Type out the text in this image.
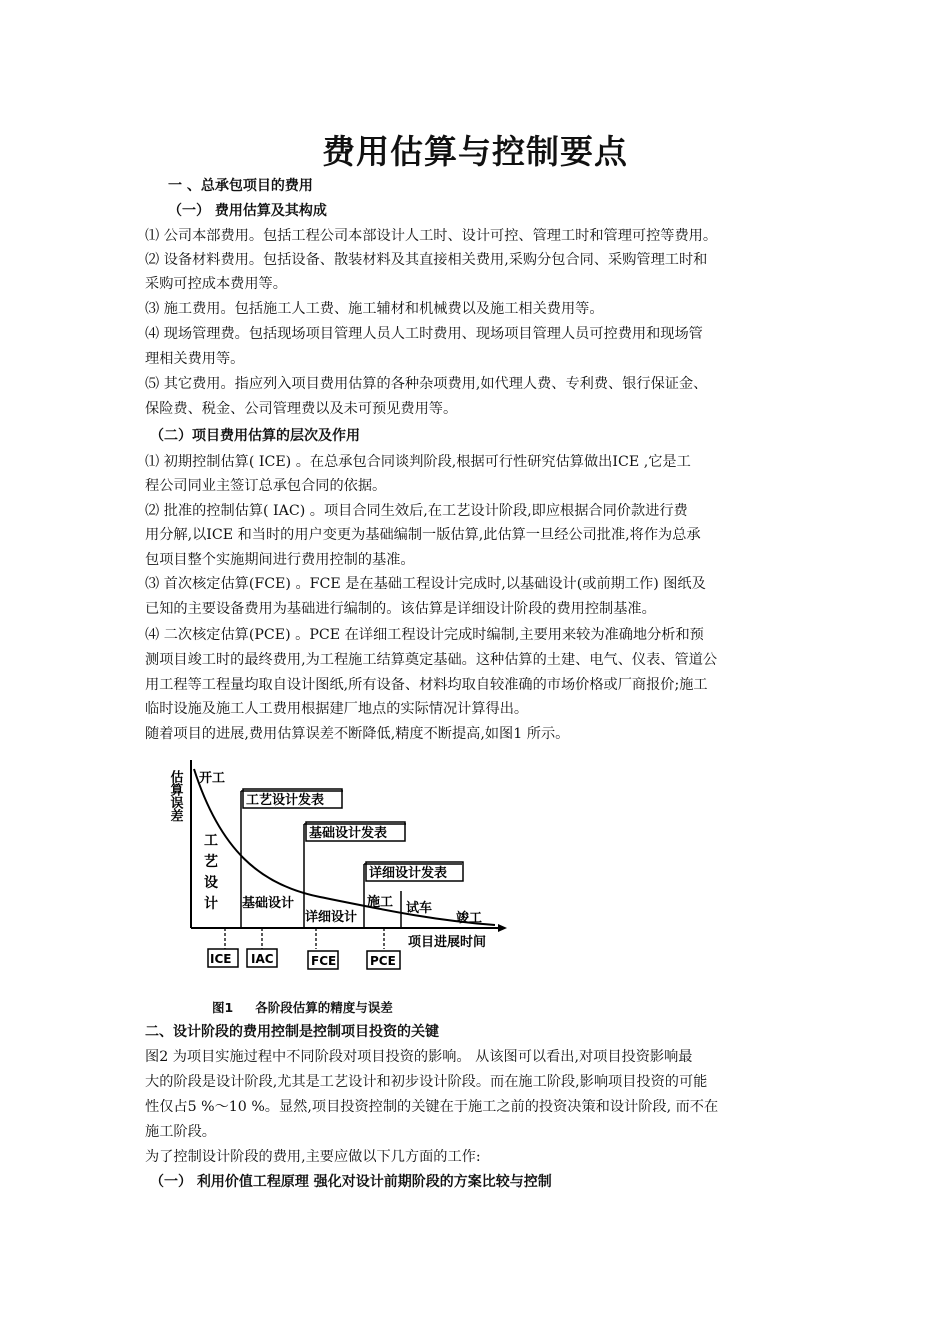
费用估算与控制要点
一 、总承包项目的费用
（一） 费用估算及其构成
⑴ 公司本部费用。包括工程公司本部设计人工时、设计可控、管理工时和管理可控等费用。
⑵ 设备材料费用。包括设备、散装材料及其直接相关费用,采购分包合同、采购管理工时和
采购可控成本费用等。
⑶ 施工费用。包括施工人工费、施工辅材和机械费以及施工相关费用等。
⑷ 现场管理费。包括现场项目管理人员人工时费用、现场项目管理人员可控费用和现场管
理相关费用等。
⑸ 其它费用。指应列入项目费用估算的各种杂项费用,如代理人费、专利费、银行保证金、
保险费、税金、公司管理费以及未可预见费用等。
（二）项目费用估算的层次及作用
⑴ 初期控制估算( ICE) 。在总承包合同谈判阶段,根据可行性研究估算做出ICE ,它是工
程公司同业主签订总承包合同的依据。
⑵ 批准的控制估算( IAC) 。项目合同生效后,在工艺设计阶段,即应根据合同价款进行费
用分解,以ICE 和当时的用户变更为基础编制一版估算,此估算一旦经公司批准,将作为总承
包项目整个实施期间进行费用控制的基准。
⑶ 首次核定估算(FCE) 。FCE 是在基础工程设计完成时,以基础设计(或前期工作) 图纸及
已知的主要设备费用为基础进行编制的。该估算是详细设计阶段的费用控制基准。
⑷ 二次核定估算(PCE) 。PCE 在详细工程设计完成时编制,主要用来较为准确地分析和预
测项目竣工时的最终费用,为工程施工结算奠定基础。这种估算的土建、电气、仪表、管道公
用工程等工程量均取自设计图纸,所有设备、材料均取自较准确的市场价格或厂商报价;施工
临时设施及施工人工费用根据建厂地点的实际情况计算得出。
随着项目的进展,费用估算误差不断降低,精度不断提高,如图1 所示。
估算误差 开工
工艺设计发表
基础设计发表
详细设计发表
工
艺
设
计 基础设计
详细设计
施工 试车
竣工
项目进展时间
ICE IAC	FCE	PCE
图1 各阶段估算的精度与误差
二、设计阶段的费用控制是控制项目投资的关键
图2 为项目实施过程中不同阶段对项目投资的影响。 从该图可以看出,对项目投资影响最
大的阶段是设计阶段,尤其是工艺设计和初步设计阶段。而在施工阶段,影响项目投资的可能
性仅占5 %～10 %。显然,项目投资控制的关键在于施工之前的投资决策和设计阶段, 而不在
施工阶段。
为了控制设计阶段的费用,主要应做以下几方面的工作:
（一） 利用价值工程原理 强化对设计前期阶段的方案比较与控制
